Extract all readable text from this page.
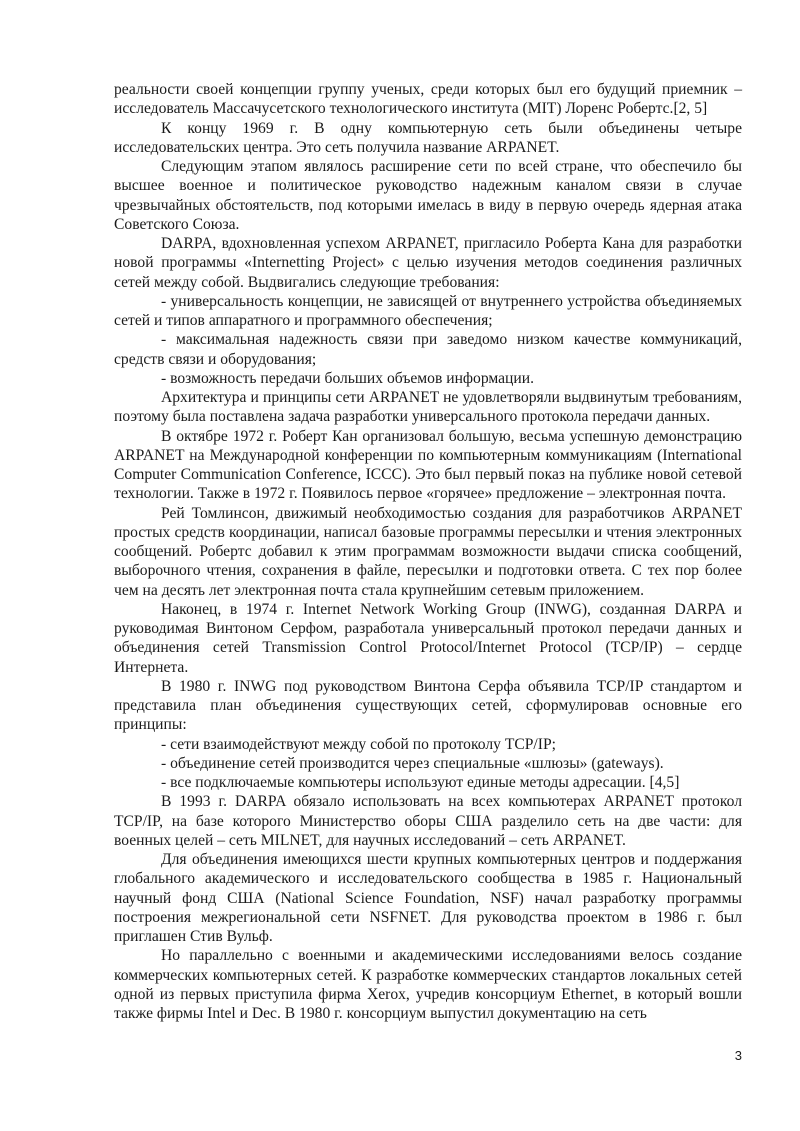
реальности своей концепции группу ученых, среди которых был его будущий приемник – исследователь Массачусетского технологического института (MIT) Лоренс Робертс.[2, 5]

К концу 1969 г. В одну компьютерную сеть были объединены четыре исследовательских центра. Это сеть получила название ARPANET.

Следующим этапом являлось расширение сети по всей стране, что обеспечило бы высшее военное и политическое руководство надежным каналом связи в случае чрезвычайных обстоятельств, под которыми имелась в виду в первую очередь ядерная атака Советского Союза.

DARPA, вдохновленная успехом ARPANET, пригласило Роберта Кана для разработки новой программы «Internetting Project» с целью изучения методов соединения различных сетей между собой. Выдвигались следующие требования:

- универсальность концепции, не зависящей от внутреннего устройства объединяемых сетей и типов аппаратного и программного обеспечения;

- максимальная надежность связи при заведомо низком качестве коммуникаций, средств связи и оборудования;

- возможность передачи больших объемов информации.

Архитектура и принципы сети ARPANET не удовлетворяли выдвинутым требованиям, поэтому была поставлена задача разработки универсального протокола передачи данных.

В октябре 1972 г. Роберт Кан организовал большую, весьма успешную демонстрацию ARPANET на Международной конференции по компьютерным коммуникациям (International Computer Communication Conference, ICCC). Это был первый показ на публике новой сетевой технологии. Также в 1972 г. Появилось первое «горячее» предложение – электронная почта.

Рей Томлинсон, движимый необходимостью создания для разработчиков ARPANET простых средств координации, написал базовые программы пересылки и чтения электронных сообщений. Робертс добавил к этим программам возможности выдачи списка сообщений, выборочного чтения, сохранения в файле, пересылки и подготовки ответа. С тех пор более чем на десять лет электронная почта стала крупнейшим сетевым приложением.

Наконец, в 1974 г. Internet Network Working Group (INWG), созданная DARPA и руководимая Винтоном Серфом, разработала универсальный протокол передачи данных и объединения сетей Transmission Control Protocol/Internet Protocol (TCP/IP) – сердце Интернета.

В 1980 г. INWG под руководством Винтона Серфа объявила TCP/IP стандартом и представила план объединения существующих сетей, сформулировав основные его принципы:

- сети взаимодействуют между собой по протоколу TCP/IP;

- объединение сетей производится через специальные «шлюзы» (gateways).

- все подключаемые компьютеры используют единые методы адресации. [4,5]

В 1993 г. DARPA обязало использовать на всех компьютерах ARPANET протокол TCP/IP, на базе которого Министерство оборы США разделило сеть на две части: для военных целей – сеть MILNET, для научных исследований – сеть ARPANET.

Для объединения имеющихся шести крупных компьютерных центров и поддержания глобального академического и исследовательского сообщества в 1985 г. Национальный научный фонд США (National Science Foundation, NSF) начал разработку программы построения межрегиональной сети NSFNET. Для руководства проектом в 1986 г. был приглашен Стив Вульф.

Но параллельно с военными и академическими исследованиями велось создание коммерческих компьютерных сетей. К разработке коммерческих стандартов локальных сетей одной из первых приступила фирма Xerox, учредив консорциум Ethernet, в который вошли также фирмы Intel и Dec. В 1980 г. консорциум выпустил документацию на сеть

3
